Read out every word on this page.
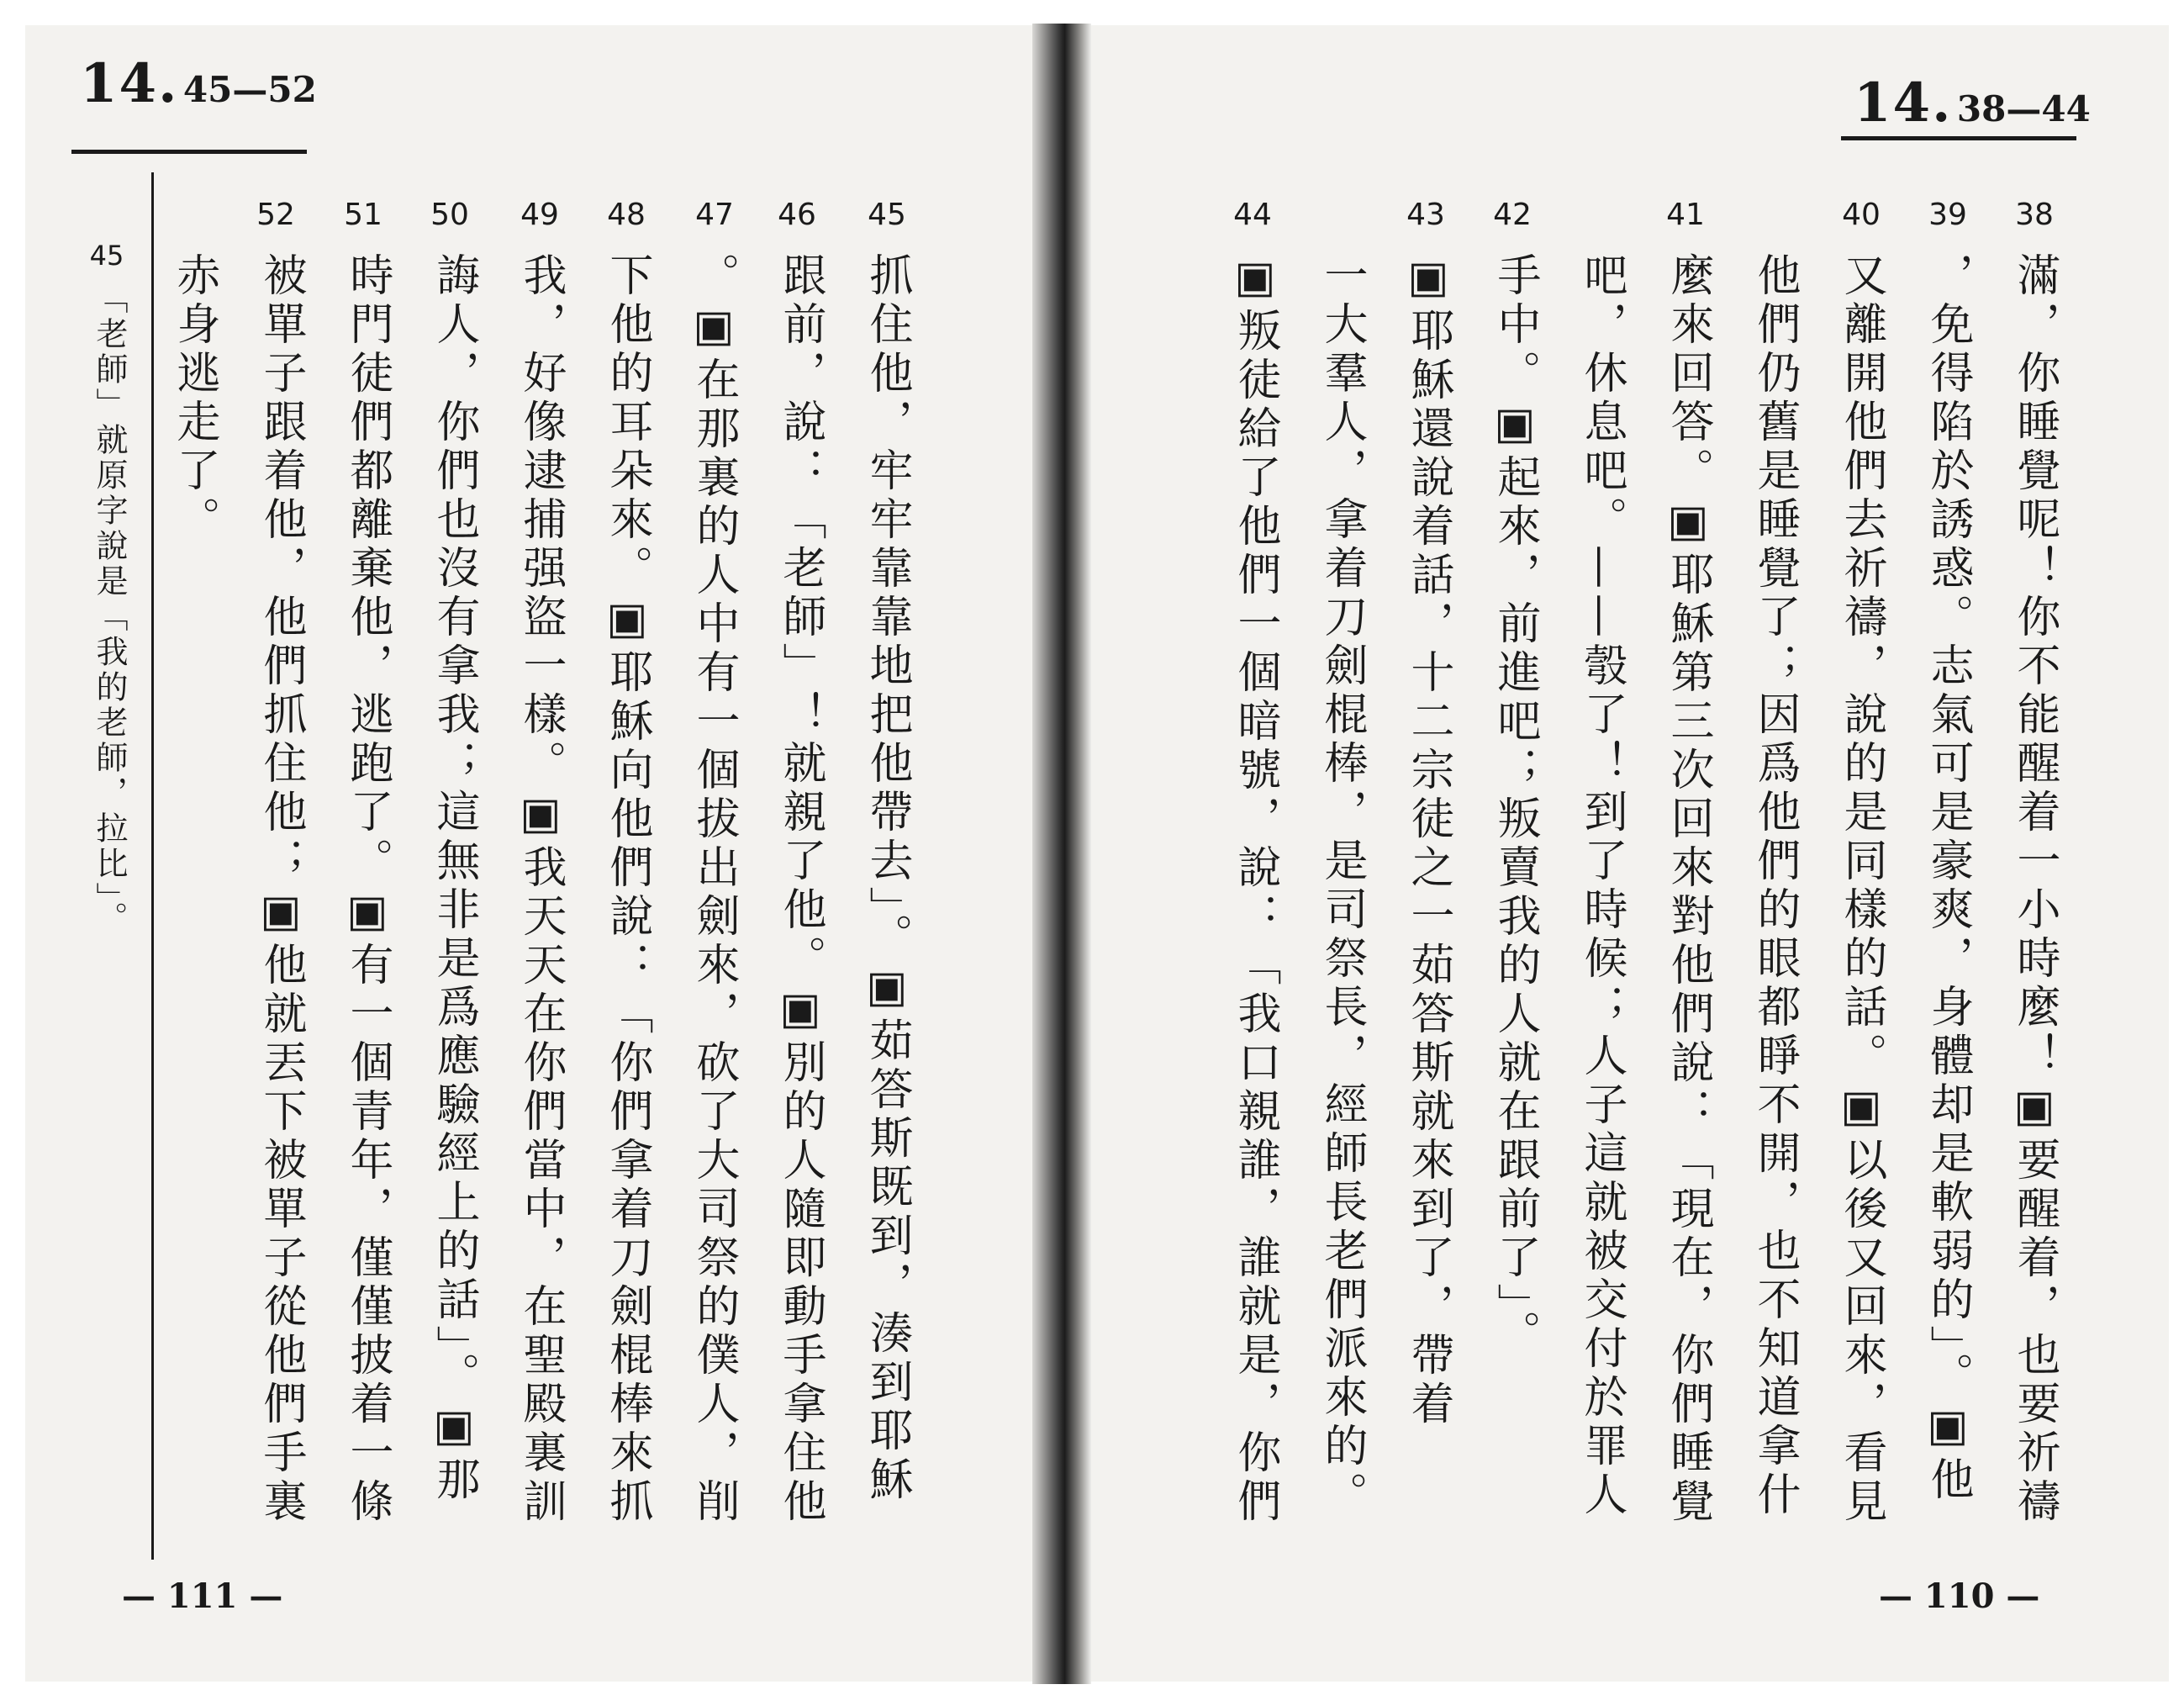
14. 45—52
45
46
47
48
49
50
51
52
抓住他，牢牢靠靠地把他帶去」。▣茹答斯既到，湊到耶穌
跟前，說：「老師」！就親了他。▣別的人隨即動手拿住他
。▣在那裏的人中有一個拔出劍來，砍了大司祭的僕人，削
下他的耳朵來。▣耶穌向他們說：「你們拿着刀劍棍棒來抓
我，好像逮捕强盜一樣。▣我天天在你們當中，在聖殿裏訓
誨人，你們也沒有拿我；這無非是爲應驗經上的話」。▣那
時門徒們都離棄他，逃跑了。▣有一個青年，僅僅披着一條
被單子跟着他，他們抓住他；▣他就丟下被單子從他們手裏
赤身逃走了。
45
「老師」就原字說是「我的老師，拉比」。
— 111 —
14. 38—44
38
39
40
41
42
43
44
滿，你睡覺呢！你不能醒着一小時麼！▣要醒着，也要祈禱
，免得陷於誘惑。志氣可是豪爽，身體却是軟弱的」。▣他
又離開他們去祈禱，說的是同樣的話。▣以後又回來，看見
他們仍舊是睡覺了；因爲他們的眼都睜不開，也不知道拿什
麼來回答。▣耶穌第三次回來對他們說：「現在，你們睡覺
吧，休息吧。——彀了！到了時候；人子這就被交付於罪人
手中。▣起來，前進吧；叛賣我的人就在跟前了」。
▣耶穌還說着話，十二宗徒之一茹答斯就來到了，帶着
一大羣人，拿着刀劍棍棒，是司祭長，經師長老們派來的。
▣叛徒給了他們一個暗號，說：「我口親誰，誰就是，你們
— 110 —
